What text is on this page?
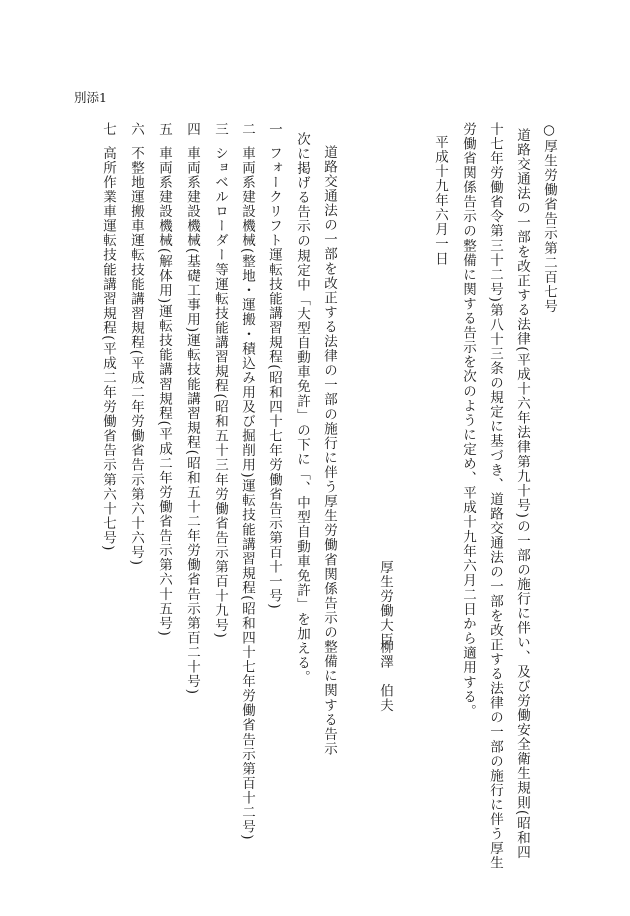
別添1
○厚生労働省告示第二百七号
道路交通法の一部を改正する法律(平成十六年法律第九十号)の一部の施行に伴い、及び労働安全衛生規則(昭和四
十七年労働省令第三十二号)第八十三条の規定に基づき、道路交通法の一部を改正する法律の一部の施行に伴う厚生
労働省関係告示の整備に関する告示を次のように定め、平成十九年六月二日から適用する。
平成十九年六月一日
厚生労働大臣
柳澤　伯夫
道路交通法の一部を改正する法律の一部の施行に伴う厚生労働省関係告示の整備に関する告示
次に掲げる告示の規定中「大型自動車免許」の下に「、中型自動車免許」を加える。
一
フォークリフト運転技能講習規程(昭和四十七年労働省告示第百十一号)
二
車両系建設機械(整地・運搬・積込み用及び掘削用)運転技能講習規程(昭和四十七年労働省告示第百十二号)
三
ショベルローダー等運転技能講習規程(昭和五十三年労働省告示第百十九号)
四
車両系建設機械(基礎工事用)運転技能講習規程(昭和五十二年労働省告示第百二十号)
五
車両系建設機械(解体用)運転技能講習規程(平成二年労働省告示第六十五号)
六
不整地運搬車運転技能講習規程(平成二年労働省告示第六十六号)
七
高所作業車運転技能講習規程(平成二年労働省告示第六十七号)
